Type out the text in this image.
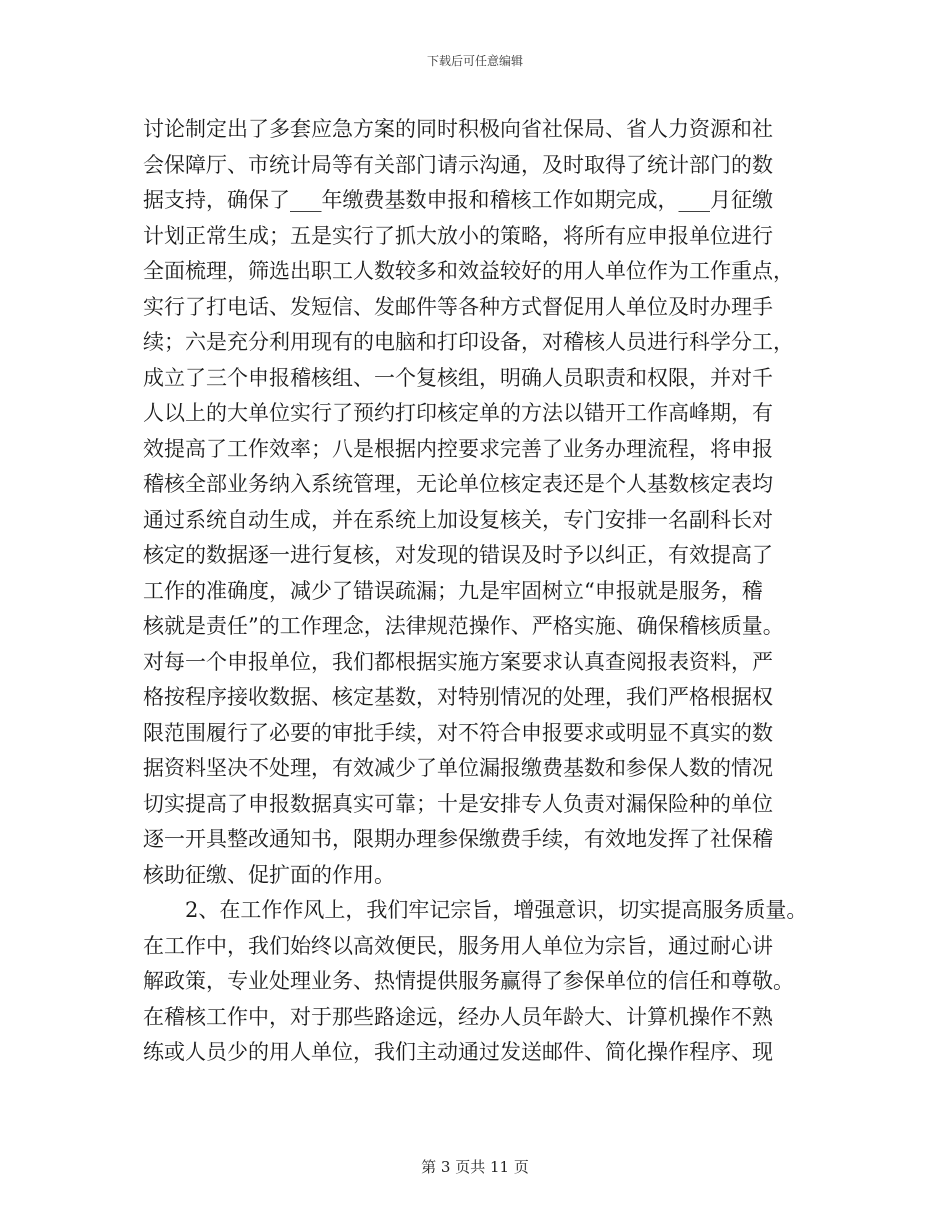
下载后可任意编辑
讨论制定出了多套应急方案的同时积极向省社保局、省人力资源和社
会保障厅、市统计局等有关部门请示沟通，及时取得了统计部门的数
据支持，确保了___年缴费基数申报和稽核工作如期完成，___月征缴
计划正常生成；五是实行了抓大放小的策略，将所有应申报单位进行
全面梳理，筛选出职工人数较多和效益较好的用人单位作为工作重点，
实行了打电话、发短信、发邮件等各种方式督促用人单位及时办理手
续；六是充分利用现有的电脑和打印设备，对稽核人员进行科学分工，
成立了三个申报稽核组、一个复核组，明确人员职责和权限，并对千
人以上的大单位实行了预约打印核定单的方法以错开工作高峰期，有
效提高了工作效率；八是根据内控要求完善了业务办理流程，将申报
稽核全部业务纳入系统管理，无论单位核定表还是个人基数核定表均
通过系统自动生成，并在系统上加设复核关，专门安排一名副科长对
核定的数据逐一进行复核，对发现的错误及时予以纠正，有效提高了
工作的准确度，减少了错误疏漏；九是牢固树立“申报就是服务，稽
核就是责任”的工作理念，法律规范操作、严格实施、确保稽核质量。
对每一个申报单位，我们都根据实施方案要求认真查阅报表资料，严
格按程序接收数据、核定基数，对特别情况的处理，我们严格根据权
限范围履行了必要的审批手续，对不符合申报要求或明显不真实的数
据资料坚决不处理，有效减少了单位漏报缴费基数和参保人数的情况
切实提高了申报数据真实可靠；十是安排专人负责对漏保险种的单位
逐一开具整改通知书，限期办理参保缴费手续，有效地发挥了社保稽
核助征缴、促扩面的作用。
2、在工作作风上，我们牢记宗旨，增强意识，切实提高服务质量。
在工作中，我们始终以高效便民，服务用人单位为宗旨，通过耐心讲
解政策，专业处理业务、热情提供服务赢得了参保单位的信任和尊敬。
在稽核工作中，对于那些路途远，经办人员年龄大、计算机操作不熟
练或人员少的用人单位，我们主动通过发送邮件、简化操作程序、现
第 3 页共 11 页
